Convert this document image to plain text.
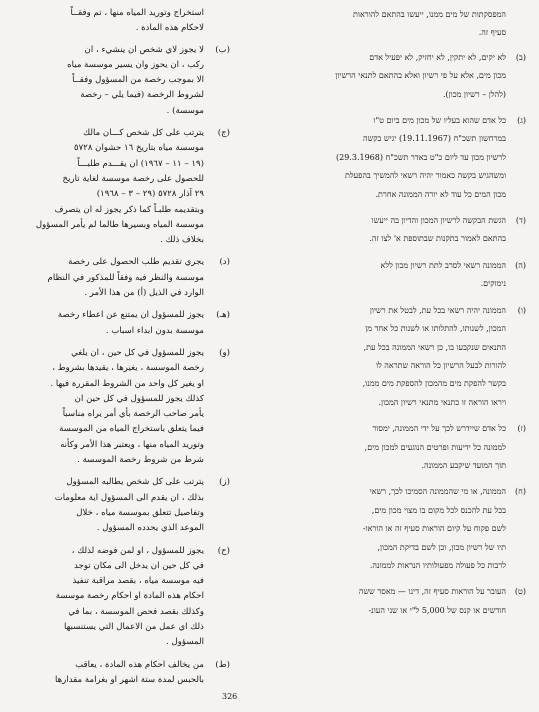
המפסקתות של מים ממנו, ייעשו בהתאם להוראות
סעיף זה.
(ב)
לא יקים, לא יתקין, לא יחזיק, לא יפעיל אדם
מכון מים, אלא על פי רשיון ואלא בהתאם לתנאי הרשיון
(להלן – רשיון מכון).
(ג)
כל אדם שהוא בעליו של מכון מים ביום ט"ו
במרחשון תשכ"ח (19.11.1967) יגיש בקשה
לרשיון מכון עד ליום כ"ט באדר תשכ"ח (29.3.1968)
ומשהגיש בקשה כאמור יהיה רשאי להמשיך בהפעלת
מכון המים כל עוד לא יורה הממונה אחרת.
(ד)
הגשת הבקשה לרשיון המכון והדיון בה ייעשו
בהתאם לאמור בתקנות שבתוספת א' לצו זה.
(ה)
הממונה רשאי לסרב לתת רשיון מכון ללא
נימוקים.
(ו)
הממונה יהיה רשאי בכל עת, לבטל את רשיון
המכון, לשנותו, להתלותו או לשנות כל אחד מן
התנאים שנקבעו בו, כן רשאי הממונה בכל עת,
להורות לבעל הרשיון כל הוראה שתראה לו
בקשר להפקת מים מהמכון להספקת מים ממנו,
ויראו הוראה זו כתנאי מתנאי רשיון המכון.
(ז)
כל אדם שיידרש לכך על ידי הממונה, ימסור
לממונה כל ידיעות ופרטים הנוגעים למכון מים,
תוך המועד שיקבע הממונה.
(ח)
הממונה, או מי שהממונה הסמיכו לכך, רשאי
בכל עת להכנס לכל מקום בו מצוי מכון מים,
לשם פקוח על קיום הוראות סעיף זה או הוראו-
תיו של רשיון מכון, וכן לשם בדיקת המכון,
לרבות כל פעולה מפעולותיו הנראות לממונה.
(ט)
העובר על הוראות סעיף זה, דינו — מאסר ששה
חודשים או קנס של 5,000 ל"י או שני העונ-
استخراج وتوريد المياه منها ، تم وفقــاً
لاحكام هذه المادة .
(ب)
لا يجوز لاي شخص ان ينشيء ، ان
ركب ، ان يحوز وان يسير موسسة مياه
الا بموجب رخصة من المسؤول وفقــاً
لشروط الرخصة (فيما يلي – رخصة
موسسة) .
(ج)
يترتب على كل شخص كـــان مالك
موسسة مياه بتاريخ ١٦ حشوان ٥٧٢٨
(١٩ – ١١ – ١٩٦٧) ان يقـــدم طلبـــاً
للحصول على رخصة موسسة لغاية تاريخ
٢٩ آذار ٥٧٢٨ (٢٩ – ٣ – ١٩٦٨)
وبتقديمه طلبـاً كما ذكر يجوز له ان يتصرف
موسسة المياه وبسيرها طالما لم يأمر المسؤول
بخلاف ذلك .
(د)
يجري تقديم طلب الحصول على رخصة
موسسة والنظر فيه وفقاً للمذكور في النظام
الوارد في الذيل (أ) من هذا الأمر .
(هـ)
يجوز للمسؤول ان يمتنع عن اعطاء رخصة
موسسة بدون ابداء اسباب .
(و)
يجوز للمسؤول في كل حين ، ان يلغي
رخصة الموسسة ، يغيرها ، يقيدها بشروط ،
او يغير كل واحد من الشروط المقررة فيها .
كذلك يجوز للمسؤول في كل حين ان
يأمر صاحب الرخصة بأي أمر يراه مناسباً
فيما يتعلق باستخراج المياه من الموسسة
وتوريد المياه منها ، ويعتبر هذا الأمر وكأنه
شرط من شروط رخصة الموسسة .
(ز)
يترتب على كل شخص يطالبه المسؤول
بذلك ، ان يقدم الى المسؤول اية معلومات
وتفاصيل تتعلق بموسسة مياه ، خلال
الموعد الذي يحدده المسؤول .
(ح)
يجوز للمسؤول ، او لمن فوضه لذلك ،
في كل حين ان يدخل الى مكان توجد
فيه موسسة مياه ، بقصد مراقبة تنفيذ
احكام هذه المادة او احكام رخصة موسسة
وكذلك بقصد فحص الموسسة ، بما في
ذلك اي عمل من الاعمال التي يستنسبها
المسؤول .
(ط)
من يخالف احكام هذه المادة ، يعاقب
بالحبس لمدة ستة اشهر او بغرامة مقدارها
326
